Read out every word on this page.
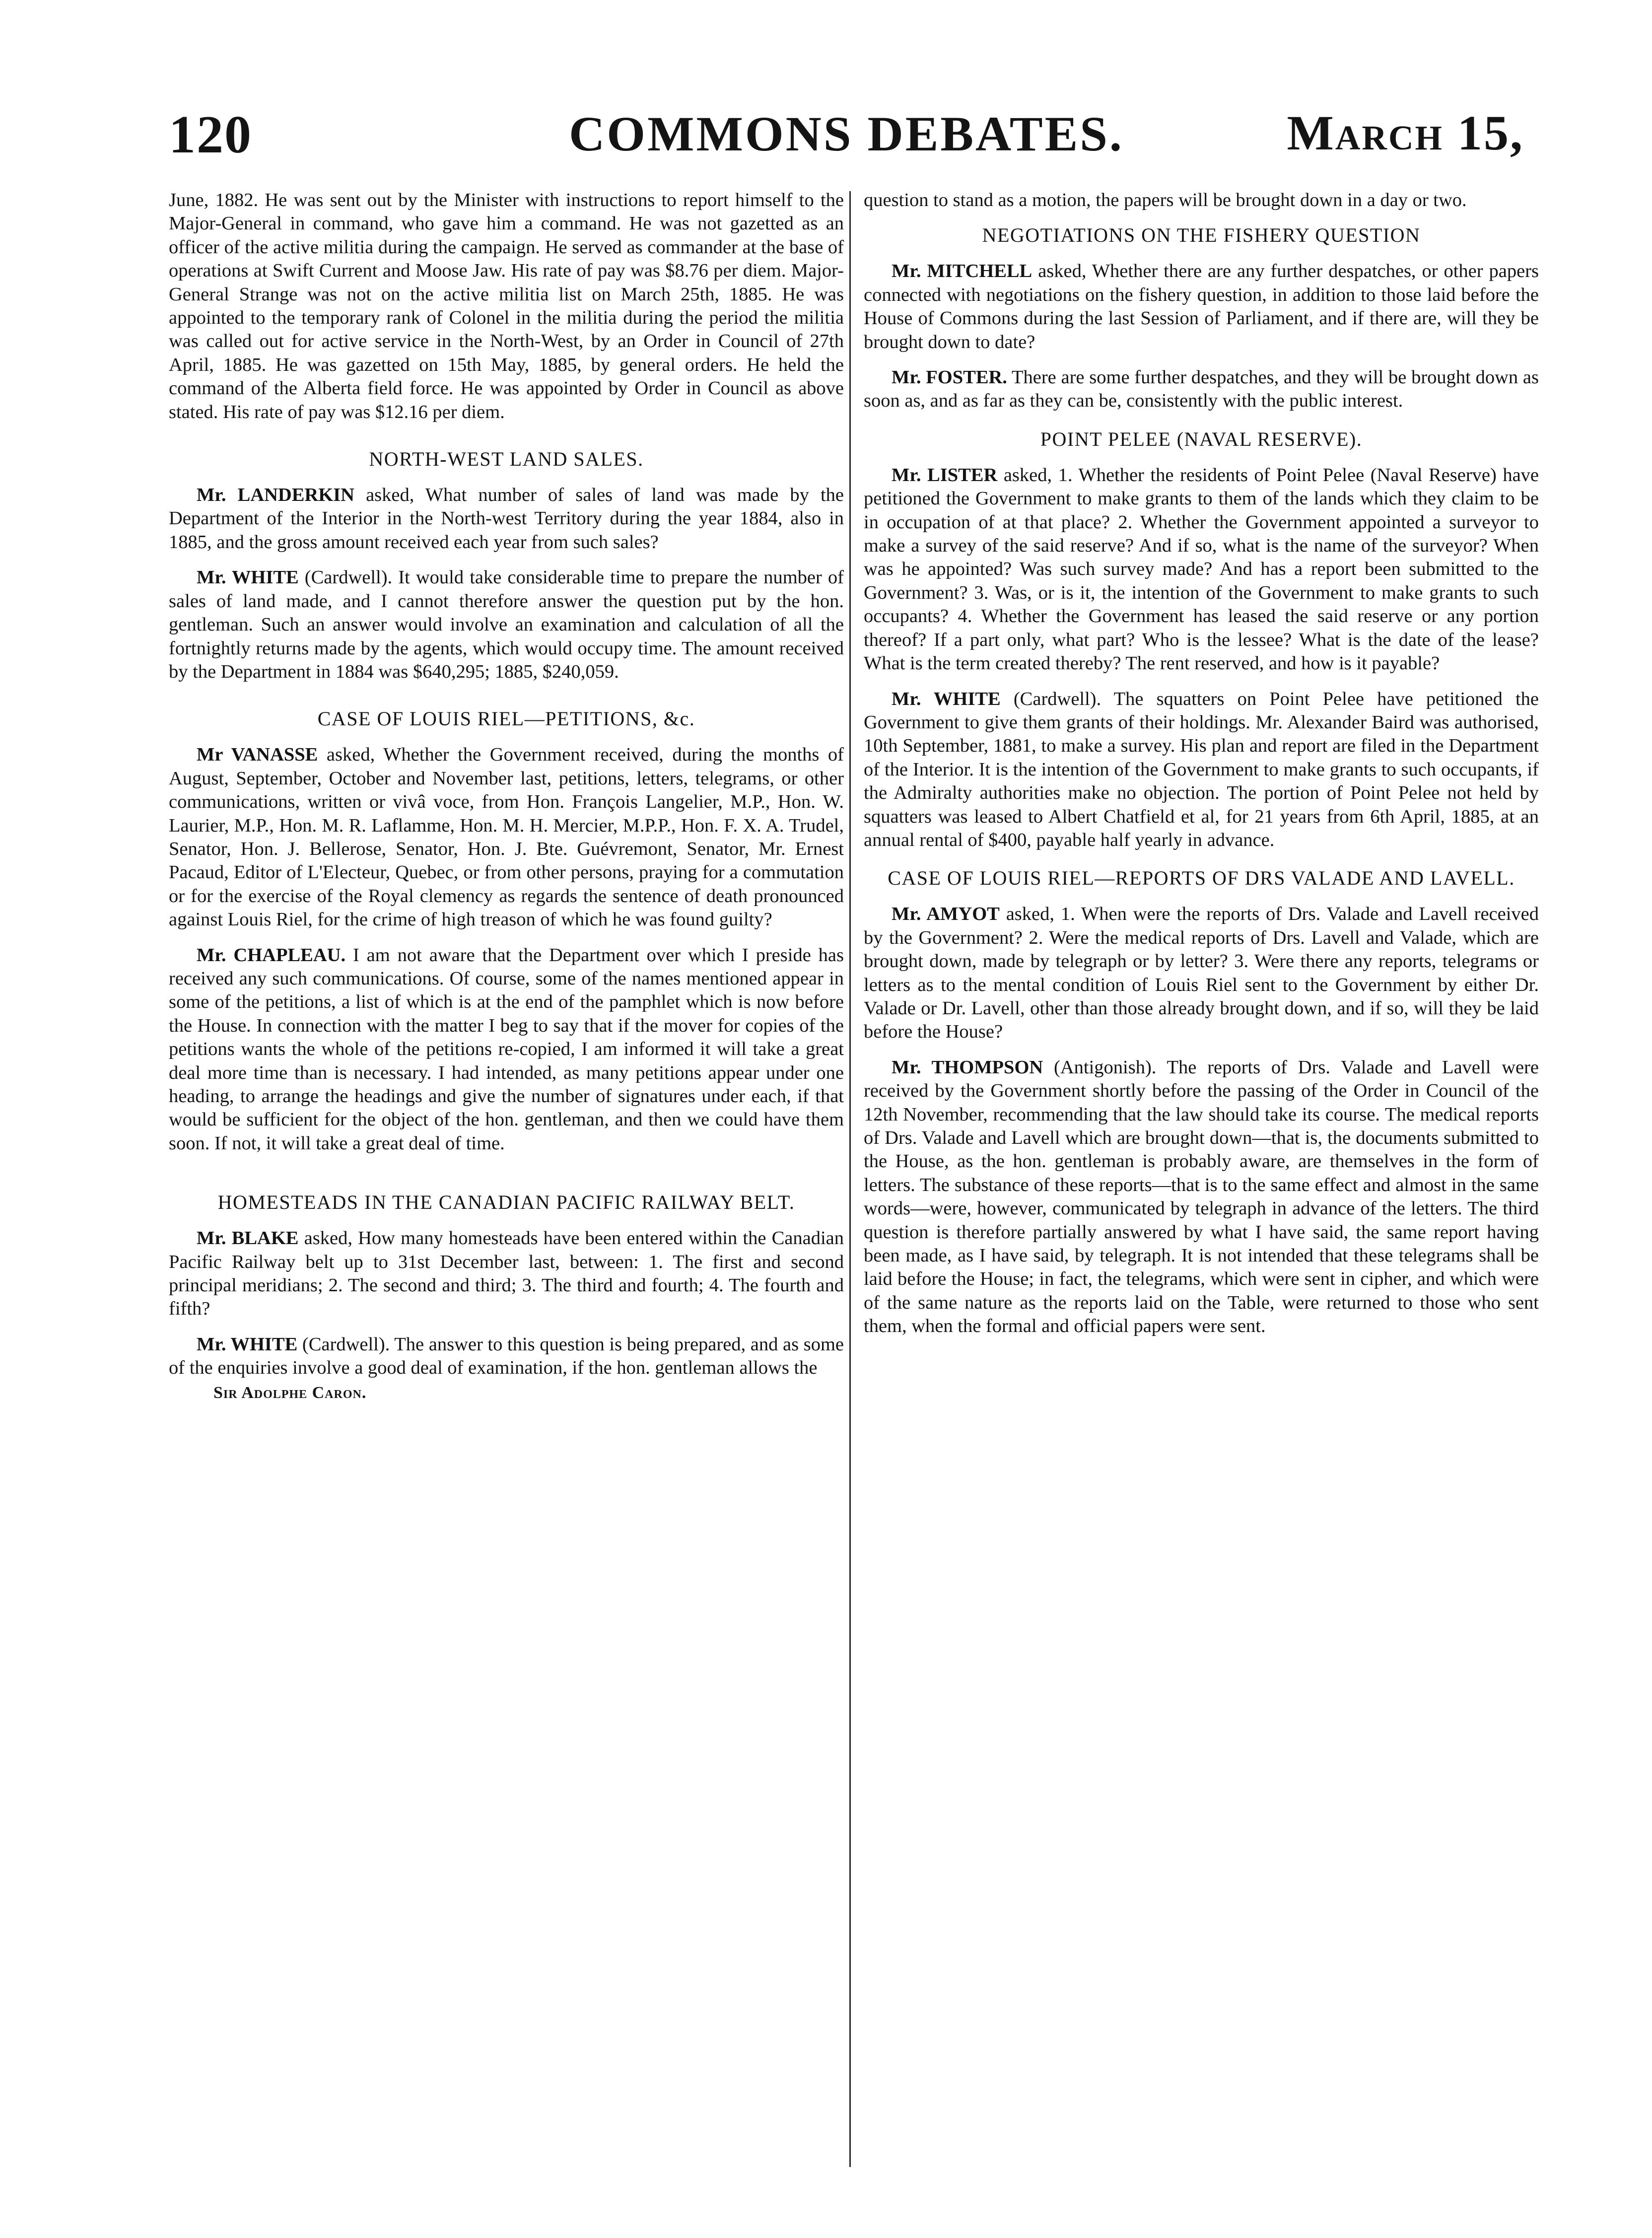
120	COMMONS DEBATES.	March 15,

June, 1882. He was sent out by the Minister with instructions to report himself to the Major-General in command, who gave him a command. He was not gazetted as an officer of the active militia during the campaign. He served as commander at the base of operations at Swift Current and Moose Jaw. His rate of pay was $8.76 per diem. Major-General Strange was not on the active militia list on March 25th, 1885. He was appointed to the temporary rank of Colonel in the militia during the period the militia was called out for active service in the North-West, by an Order in Council of 27th April, 1885. He was gazetted on 15th May, 1885, by general orders. He held the command of the Alberta field force. He was appointed by Order in Council as above stated. His rate of pay was $12.16 per diem.

NORTH-WEST LAND SALES.

Mr. LANDERKIN asked, What number of sales of land was made by the Department of the Interior in the North-west Territory during the year 1884, also in 1885, and the gross amount received each year from such sales?

Mr. WHITE (Cardwell). It would take considerable time to prepare the number of sales of land made, and I cannot therefore answer the question put by the hon. gentleman. Such an answer would involve an examination and calculation of all the fortnightly returns made by the agents, which would occupy time. The amount received by the Department in 1884 was $640,295; 1885, $240,059.

CASE OF LOUIS RIEL—PETITIONS, &c.

Mr VANASSE asked, Whether the Government received, during the months of August, September, October and November last, petitions, letters, telegrams, or other communications, written or vivâ voce, from Hon. François Langelier, M.P., Hon. W. Laurier, M.P., Hon. M. R. Laflamme, Hon. M. H. Mercier, M.P.P., Hon. F. X. A. Trudel, Senator, Hon. J. Bellerose, Senator, Hon. J. Bte. Guévremont, Senator, Mr. Ernest Pacaud, Editor of L'Electeur, Quebec, or from other persons, praying for a commutation or for the exercise of the Royal clemency as regards the sentence of death pronounced against Louis Riel, for the crime of high treason of which he was found guilty?

Mr. CHAPLEAU. I am not aware that the Department over which I preside has received any such communications. Of course, some of the names mentioned appear in some of the petitions, a list of which is at the end of the pamphlet which is now before the House. In connection with the matter I beg to say that if the mover for copies of the petitions wants the whole of the petitions re-copied, I am informed it will take a great deal more time than is necessary. I had intended, as many petitions appear under one heading, to arrange the headings and give the number of signatures under each, if that would be sufficient for the object of the hon. gentleman, and then we could have them soon. If not, it will take a great deal of time.

HOMESTEADS IN THE CANADIAN PACIFIC RAILWAY BELT.

Mr. BLAKE asked, How many homesteads have been entered within the Canadian Pacific Railway belt up to 31st December last, between: 1. The first and second principal meridians; 2. The second and third; 3. The third and fourth; 4. The fourth and fifth?

Mr. WHITE (Cardwell). The answer to this question is being prepared, and as some of the enquiries involve a good deal of examination, if the hon. gentleman allows the

Sir Adolphe Caron.

question to stand as a motion, the papers will be brought down in a day or two.

NEGOTIATIONS ON THE FISHERY QUESTION

Mr. MITCHELL asked, Whether there are any further despatches, or other papers connected with negotiations on the fishery question, in addition to those laid before the House of Commons during the last Session of Parliament, and if there are, will they be brought down to date?

Mr. FOSTER. There are some further despatches, and they will be brought down as soon as, and as far as they can be, consistently with the public interest.

POINT PELEE (NAVAL RESERVE).

Mr. LISTER asked, 1. Whether the residents of Point Pelee (Naval Reserve) have petitioned the Government to make grants to them of the lands which they claim to be in occupation of at that place? 2. Whether the Government appointed a surveyor to make a survey of the said reserve? And if so, what is the name of the surveyor? When was he appointed? Was such survey made? And has a report been submitted to the Government? 3. Was, or is it, the intention of the Government to make grants to such occupants? 4. Whether the Government has leased the said reserve or any portion thereof? If a part only, what part? Who is the lessee? What is the date of the lease? What is the term created thereby? The rent reserved, and how is it payable?

Mr. WHITE (Cardwell). The squatters on Point Pelee have petitioned the Government to give them grants of their holdings. Mr. Alexander Baird was authorised, 10th September, 1881, to make a survey. His plan and report are filed in the Department of the Interior. It is the intention of the Government to make grants to such occupants, if the Admiralty authorities make no objection. The portion of Point Pelee not held by squatters was leased to Albert Chatfield et al, for 21 years from 6th April, 1885, at an annual rental of $400, payable half yearly in advance.

CASE OF LOUIS RIEL—REPORTS OF DRS VALADE AND LAVELL.

Mr. AMYOT asked, 1. When were the reports of Drs. Valade and Lavell received by the Government? 2. Were the medical reports of Drs. Lavell and Valade, which are brought down, made by telegraph or by letter? 3. Were there any reports, telegrams or letters as to the mental condition of Louis Riel sent to the Government by either Dr. Valade or Dr. Lavell, other than those already brought down, and if so, will they be laid before the House?

Mr. THOMPSON (Antigonish). The reports of Drs. Valade and Lavell were received by the Government shortly before the passing of the Order in Council of the 12th November, recommending that the law should take its course. The medical reports of Drs. Valade and Lavell which are brought down—that is, the documents submitted to the House, as the hon. gentleman is probably aware, are themselves in the form of letters. The substance of these reports—that is to the same effect and almost in the same words—were, however, communicated by telegraph in advance of the letters. The third question is therefore partially answered by what I have said, the same report having been made, as I have said, by telegraph. It is not intended that these telegrams shall be laid before the House; in fact, the telegrams, which were sent in cipher, and which were of the same nature as the reports laid on the Table, were returned to those who sent them, when the formal and official papers were sent.
